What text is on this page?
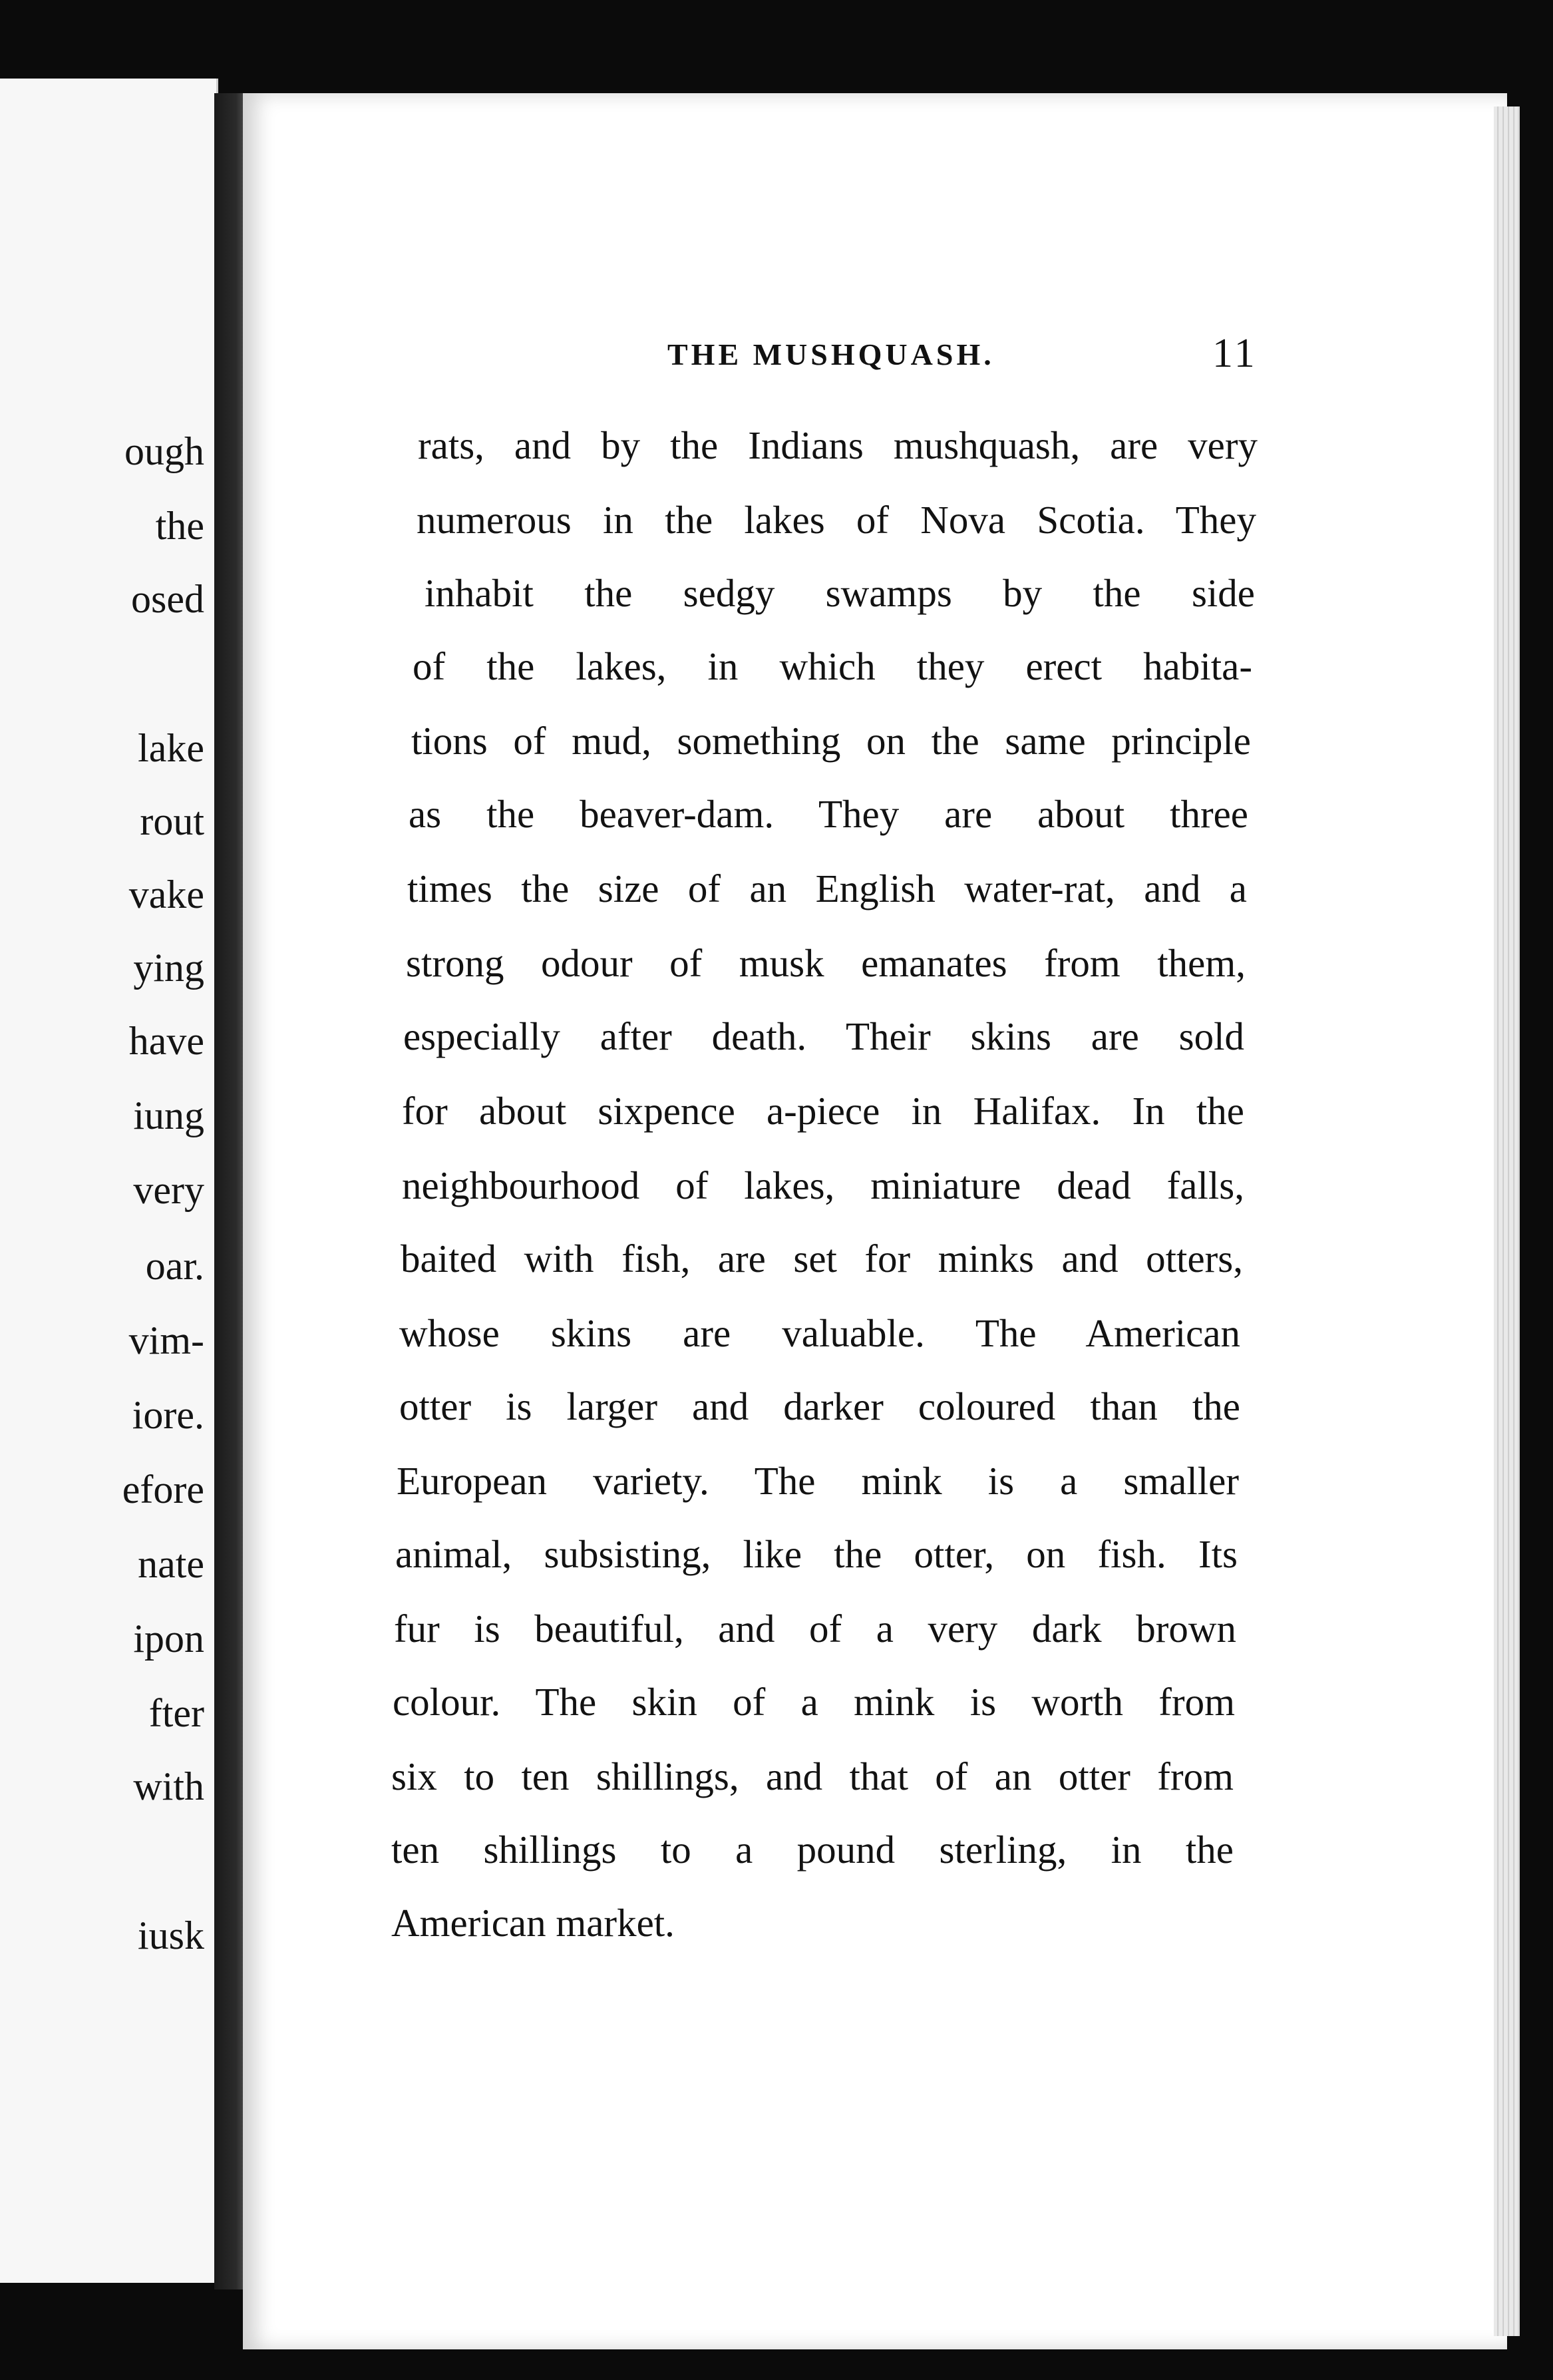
ough
the
osed
lake
rout
vake
ying
have
iung
very
oar.
vim-
iore.
efore
nate
ipon
fter
with
iusk
THE MUSHQUASH.	11
rats, and by the Indians mushquash, are very
numerous in the lakes of Nova Scotia. They
inhabit the sedgy swamps by the side
of the lakes, in which they erect habita-
tions of mud, something on the same principle
as the beaver-dam. They are about three
times the size of an English water-rat, and a
strong odour of musk emanates from them,
especially after death. Their skins are sold
for about sixpence a-piece in Halifax. In the
neighbourhood of lakes, miniature dead falls,
baited with fish, are set for minks and otters,
whose skins are valuable. The American
otter is larger and darker coloured than the
European variety. The mink is a smaller
animal, subsisting, like the otter, on fish. Its
fur is beautiful, and of a very dark brown
colour. The skin of a mink is worth from
six to ten shillings, and that of an otter from
ten shillings to a pound sterling, in the
American market.
